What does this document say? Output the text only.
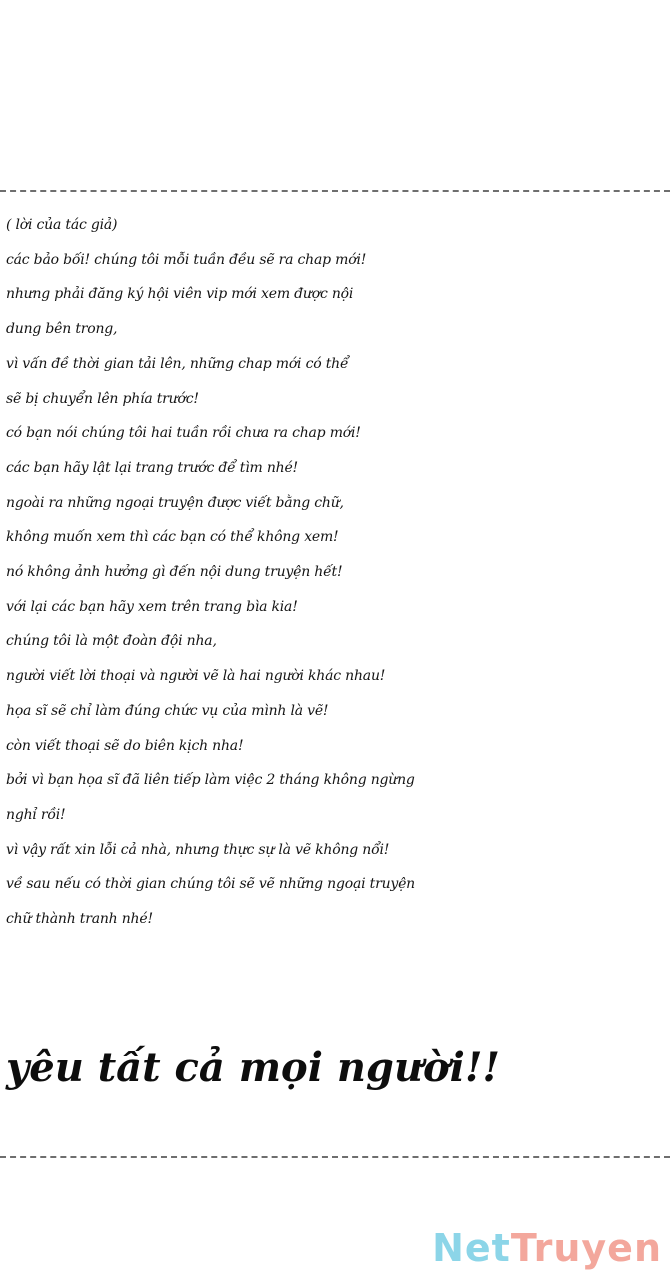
( lời của tác giả)
các bảo bối! chúng tôi mỗi tuần đều sẽ ra chap mới!
nhưng phải đăng ký hội viên vip mới xem được nội
dung bên trong,
vì vấn đề thời gian tải lên, những chap mới có thể
sẽ bị chuyển lên phía trước!
có bạn nói chúng tôi hai tuần rồi chưa ra chap mới!
các bạn hãy lật lại trang trước để tìm nhé!
ngoài ra những ngoại truyện được viết bằng chữ,
không muốn xem thì các bạn có thể không xem!
nó không ảnh hưởng gì đến nội dung truyện hết!
với lại các bạn hãy xem trên trang bìa kia!
chúng tôi là một đoàn đội nha,
người viết lời thoại và người vẽ là hai người khác nhau!
họa sĩ sẽ chỉ làm đúng chức vụ của mình là vẽ!
còn viết thoại sẽ do biên kịch nha!
bởi vì bạn họa sĩ đã liên tiếp làm việc 2 tháng không ngừng
nghỉ rồi!
vì vậy rất xin lỗi cả nhà, nhưng thực sự là vẽ không nổi!
về sau nếu có thời gian chúng tôi sẽ vẽ những ngoại truyện
chữ thành tranh nhé!
yêu tất cả mọi người!!
NetTruyen
